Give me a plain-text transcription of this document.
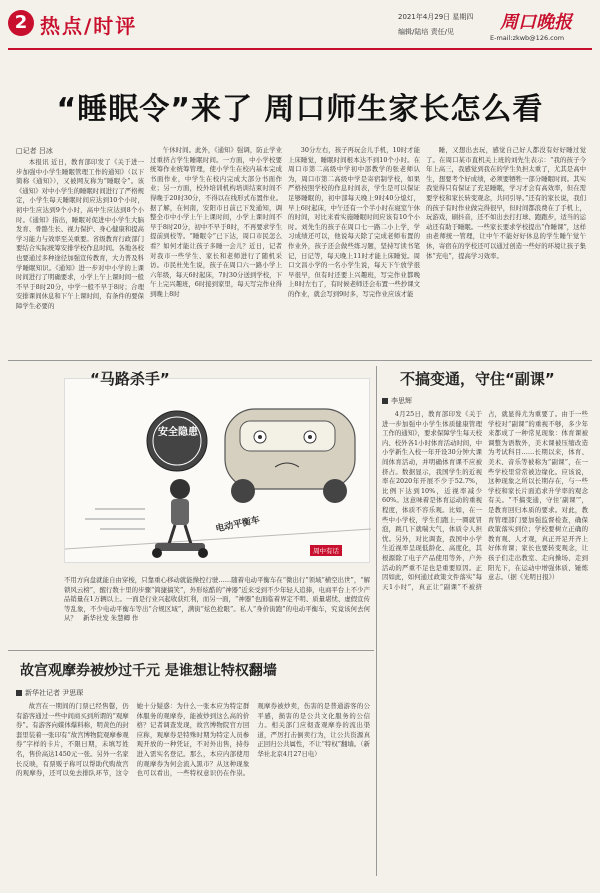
2 热点/时评	2021年4月29日 星期四
编辑/陆培 责任/见	周口晚报
E-mail:zkwb@126.com
“睡眠令”来了 周口师生家长怎么看
□记者 吕冰

本报讯 近日，教育部印发了《关于进一步加强中小学生睡眠管理工作的通知》（以下简称《通知》），又被网友称为“睡眠令”。该《通知》对中小学生的睡眠时间进行了严格规定，小学生每天睡眠时间应达到10个小时，初中生应达到9个小时，高中生应达到8个小时。《通知》指出，睡眠对促进中小学生大脑发育、骨骼生长、视力保护、身心健康和提高学习能力与效率至关重要。省级教育行政部门要结合实际统筹安排学校作息时间。各地各校也要通过多种途径加强宣传教育，大力普及科学睡眠知识。《通知》进一步对中小学的上课时间进行了明确要求，小学上午上课时间一般不早于8时20分，中学一般不早于8时；合理安排课间休息和下午上课时间，有条件的要保障学生必要的

午休时间。此外，《通知》强调，防止学业过重挤占学生睡眠时间。一方面，中小学校要统筹作业统筹管理，使小学生在校内基本完成书面作业，中学生在校内完成大部分书面作业；另一方面，校外培训机构培训结束时间不得晚于20时30分，不得以在线形式布置作业。据了解，在何南，安阳市日前已下发通知，调整全市中小学上午上课时间，小学上课时间不早于8时20分，初中不早于8时，不再要求学生提前到校等。“睡眠令”已下达，周口市民怎么看？如何才能让孩子多睡一会儿？近日，记者对我市一些学生、家长和老师进行了随机采访。市民杜先生说，孩子在周口六一路小学上六年级，每天6时起床，7时30分送到学校，下午上完兴趣班，6时接到家里，每天写完作业得到晚上8时

30分左右，孩子再玩会儿手机，10时才能上床睡觉，睡眠时间根本达不到10个小时。在周口市第二高级中学初中部教学的张老师认为，周口市第二高级中学是寄宿制学校，如果严格按照学校的作息时间表，学生是可以保证足够睡眠的，初中部每天晚上9时40分熄灯，早上6时起床，中午还有一个半小时在寝室午休的时间，对比来看实施睡眠时间应该有10个小时。刘先生的孩子在周口七一路二小上学，学习成绩还可以，他说每天除了完成老师布置的作业外，孩子还会做些练习题，坚持写读书笔记，日记等，每天晚上11时才能上床睡觉。周口文昌小学的一名小学生说，每天下午放学很早很早，但有时还要上兴趣班，写完作业都晚上8时左右了，有时候老师还会布置一些抄课文的作业，就会写到9时多，写完作业应该才能

睡，又想出去玩，感觉自己好人都没有好好睡过觉了。在周口某市直机关上班的刘先生表示：“我的孩子今年上高三，我感觉到我在的学生负担太重了，尤其是高中生，想要考个好成绩，必须要牺牲一部分睡眠时间。其实我觉得只有保证了充足睡眠，学习才会有高效率，但在需要学校和家长转变观念，共同引导。”还有的家长说，我们的孩子有时作业做完得很早，但时间都浪费在了手机上，玩游戏，刷抖音，还不如出去打打球、跑跑步，适当的运动还有助于睡眠。一些家长要求学校提出“作睡课”，这样由老师统一管理，让中午不能好好休息的学生睡午觉午休，寄宿在的学校还可以通过创造一些好的环境让孩子集体“充电”，提高学习效率。

安全隐患
电动平衡车
周中有话
“马路杀手”
不用方向盘就能自由穿梭，只靠重心移动就能操控行驶……随着电动平衡车在“微出行”领域“横空出世”，“解锁风云榜”，醒行数十里的步骤“简捷搞笑”，外形炫酷的“神器”近来受到不少年轻人追捧，电商平台上不少产品销量在1万辆以上。一面是行业兴起收获红利，而另一面，“神器”也面临着界定不明、质量堪忧、虚假宣传等乱象，不少电动平衡车等出“合规区域”，满街“炫色抢眼”。私人“身价街跑”的电动平衡车，究竟该何去何从？　新华社发 朱慧卿 作
不搞变通，守住“副课”
李思辉

4月25日，教育部印发《关于进一步加强中小学生体质健康管理工作的通知》，要求保障学生每天校内、校外各1小时体育活动时间，中小学新生入校一年开设30分钟大课间体育活动，并明确体育课不应被挤占。数据显示，我国学生的近视率在2020年开展不少于52.7%，比例下达到10%，近视率减少60%。这意味着是体育运动的重视程度，体质不容乐观。比如，在一些中小学校，学生们跑上一圈就冒泡，跳几下就喘大气，体质令人担忧。另外，对比调查，我国中小学生近视率呈现低龄化、高度化，其根源除了电子产品使用等外，户外活动的严重不足也是重要原因。正因如此，如何通过政策文件落实“每天1小时”，真正让“副课”不被挤占，就显得尤为重要了。由于一些学校对“副课”的重视不够，多少年来都成了一种常见现象：体育课被调整为语数外，美术课被压缩改造为考试科目……长期以来，体育、美术、音乐等被称为“副课”，在一些学校里常常被边缘化。应该说，这种现象之所以长期存在，与一些学校和家长片面追求升学率的观念有关。“不搞变通，守住‘副课’”，是教育回归本质的要求。对此，教育管理部门要加强监督检查，确保政策落实到位；学校要树立正确的教育观、人才观，真正开足开齐上好体育课；家长也要转变观念，让孩子们走出教室、走向操场、走到阳光下，在运动中增强体质、锤炼意志。（据《光明日报》）

故宫观摩券被炒过千元 是谁想让特权翻墙
新华社记者 尹思琛

故宫在一期间的门票已经售罄，仍有游客通过一些中间商买到所谓的“观摩券”。有游客向媒体爆料称，明黄色的封套里装着一张印有“故宫博物院观摩参观券”字样的卡片，不限日期，未填写姓名，售价高达1450元一张。另外一名家长反映，有票贩子称可以帮助代购故宫的观摩券，还可以免去排队环节，这令她十分疑惑：为什么一张本应为特定群体服务的观摩券，能被炒到这么高的价格？记者调查发现，故宫博物院官方回应称，观摩券是特殊时期为特定人员参观开放的一种凭证，不对外出售，持券进入需实名登记。那么，本应内部使用的观摩券为何会流入黑市？从这种现象也可以看出，一些特权意识仍在作祟。观摩券被炒卖，伤害的是普通游客的公平感，损害的是公共文化服务的公信力。相关部门应彻查观摩券的流出渠道，严厉打击倒卖行为，让公共资源真正回归公共属性，不让“特权”翻墙。（新华社北京4月27日电）
